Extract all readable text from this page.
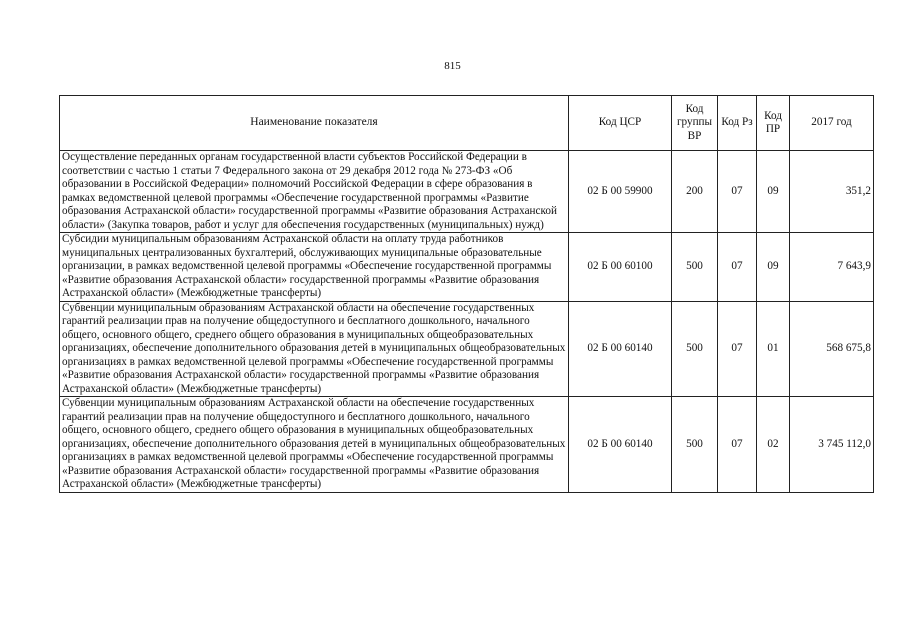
815
Наименование показателя	Код ЦСР	Код группы ВР	Код Рз	Код ПР	2017 год
Осуществление переданных органам государственной власти субъектов Российской Федерации в соответствии с частью 1 статьи 7 Федерального закона от 29 декабря 2012 года № 273-ФЗ «Об образовании в Российской Федерации» полномочий Российской Федерации в сфере образования в рамках ведомственной целевой программы «Обеспечение государственной программы «Развитие образования Астраханской области» государственной программы «Развитие образования Астраханской области» (Закупка товаров, работ и услуг для обеспечения государственных (муниципальных) нужд)	02 Б 00 59900	200	07	09	351,2
Субсидии муниципальным образованиям Астраханской области на оплату труда работников муниципальных централизованных бухгалтерий, обслуживающих муниципальные образовательные организации, в рамках ведомственной целевой программы «Обеспечение государственной программы «Развитие образования Астраханской области» государственной программы «Развитие образования Астраханской области» (Межбюджетные трансферты)	02 Б 00 60100	500	07	09	7 643,9
Субвенции муниципальным образованиям Астраханской области на обеспечение государственных гарантий реализации прав на получение общедоступного и бесплатного дошкольного, начального общего, основного общего, среднего общего образования в муниципальных общеобразовательных организациях, обеспечение дополнительного образования детей в муниципальных общеобразовательных организациях в рамках ведомственной целевой программы «Обеспечение государственной программы «Развитие образования Астраханской области» государственной программы «Развитие образования Астраханской области» (Межбюджетные трансферты)	02 Б 00 60140	500	07	01	568 675,8
Субвенции муниципальным образованиям Астраханской области на обеспечение государственных гарантий реализации прав на получение общедоступного и бесплатного дошкольного, начального общего, основного общего, среднего общего образования в муниципальных общеобразовательных организациях, обеспечение дополнительного образования детей в муниципальных общеобразовательных организациях в рамках ведомственной целевой программы «Обеспечение государственной программы «Развитие образования Астраханской области» государственной программы «Развитие образования Астраханской области» (Межбюджетные трансферты)	02 Б 00 60140	500	07	02	3 745 112,0
